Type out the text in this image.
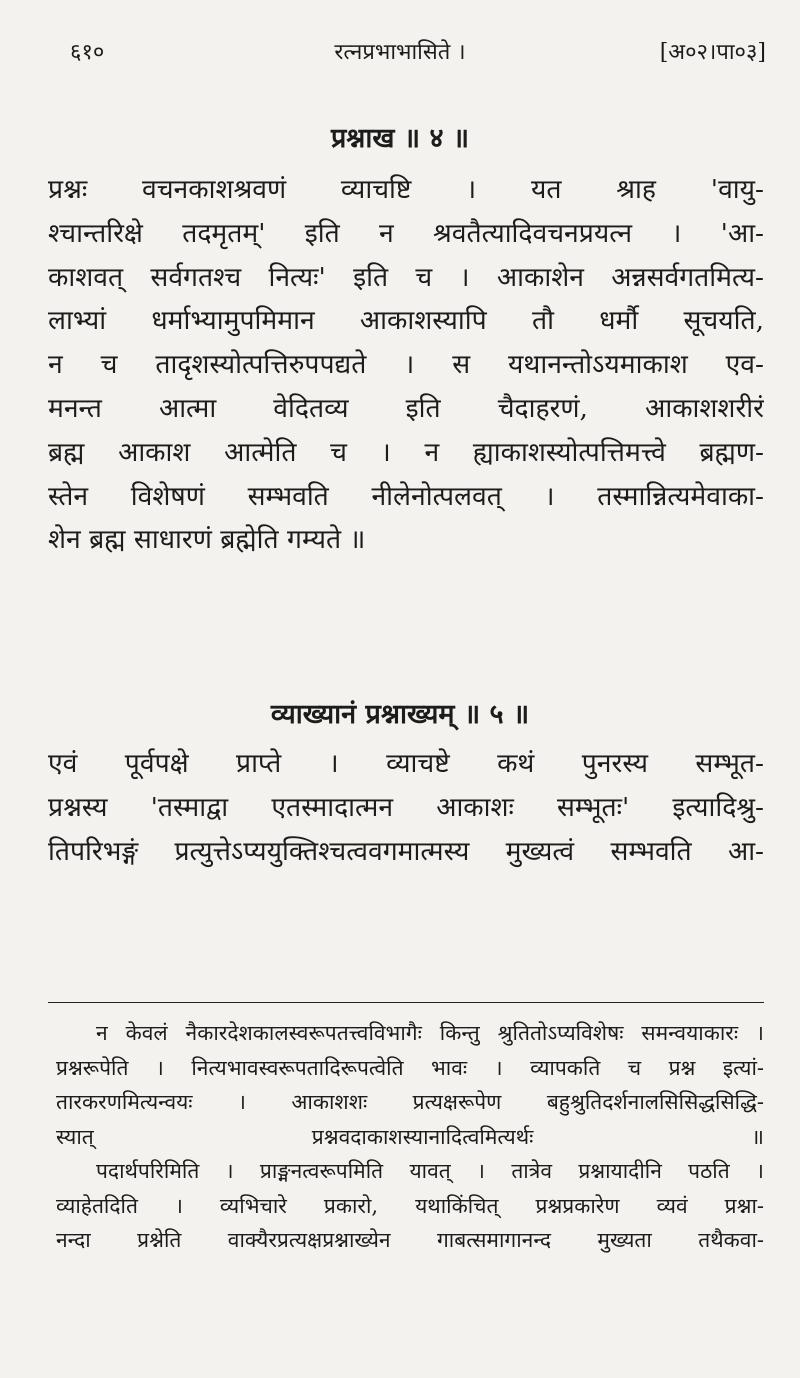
६१०	रत्नप्रभाभासिते ।	[अ०२।पा०३]
प्रश्नाख ॥ ४ ॥
प्रश्नः वचनकाशश्रवणं व्याचष्टि । यत श्राह 'वायु-
श्चान्तरिक्षे तदमृतम्' इति न श्रवतैत्यादिवचनप्रयत्न । 'आ-
काशवत् सर्वगतश्च नित्यः' इति च । आकाशेन अन्नसर्वगतमित्य-
लाभ्यां धर्माभ्यामुपमिमान आकाशस्यापि तौ धर्मौ सूचयति,
न च तादृशस्योत्पत्तिरुपपद्यते । स यथानन्तोऽयमाकाश एव-
मनन्त आत्मा वेदितव्य इति चैदाहरणं, आकाशशरीरं
ब्रह्म आकाश आत्मेति च । न ह्याकाशस्योत्पत्तिमत्त्वे ब्रह्मण-
स्तेन विशेषणं सम्भवति नीलेनोत्पलवत् । तस्मान्नित्यमेवाका-
शेन ब्रह्म साधारणं ब्रह्मेति गम्यते ॥
व्याख्यानं प्रश्नाख्यम् ॥ ५ ॥
एवं पूर्वपक्षे प्राप्ते । व्याचष्टे कथं पुनरस्य सम्भूत-
प्रश्नस्य 'तस्माद्वा एतस्मादात्मन आकाशः सम्भूतः' इत्यादिश्रु-
तिपरिभङ्गं प्रत्युत्तेऽप्ययुक्तिश्चत्ववगमात्मस्य मुख्यत्वं सम्भवति आ-
न केवलं नैकारदेशकालस्वरूपतत्त्वविभागैः किन्तु श्रुतितोऽप्यविशेषः समन्वयाकारः ।
प्रश्नरूपेति । नित्यभावस्वरूपतादिरूपत्वेति भावः । व्यापकति च प्रश्न इत्यां-
तारकरणमित्यन्वयः । आकाशशः प्रत्यक्षरूपेण बहुश्रुतिदर्शनालसिसिद्धसिद्धि-
स्यात् प्रश्नवदाकाशस्यानादित्वमित्यर्थः ॥
पदार्थपरिमिति । प्राङ्मनत्वरूपमिति यावत् । तात्रेव प्रश्नायादीनि पठति ।
व्याहेतदिति । व्यभिचारे प्रकारो, यथाकिंचित् प्रश्नप्रकारेण व्यवं प्रश्ना-
नन्दा प्रश्नेति वाक्यैरप्रत्यक्षप्रश्नाख्येन गाबत्समागानन्द मुख्यता तथैकवा-
